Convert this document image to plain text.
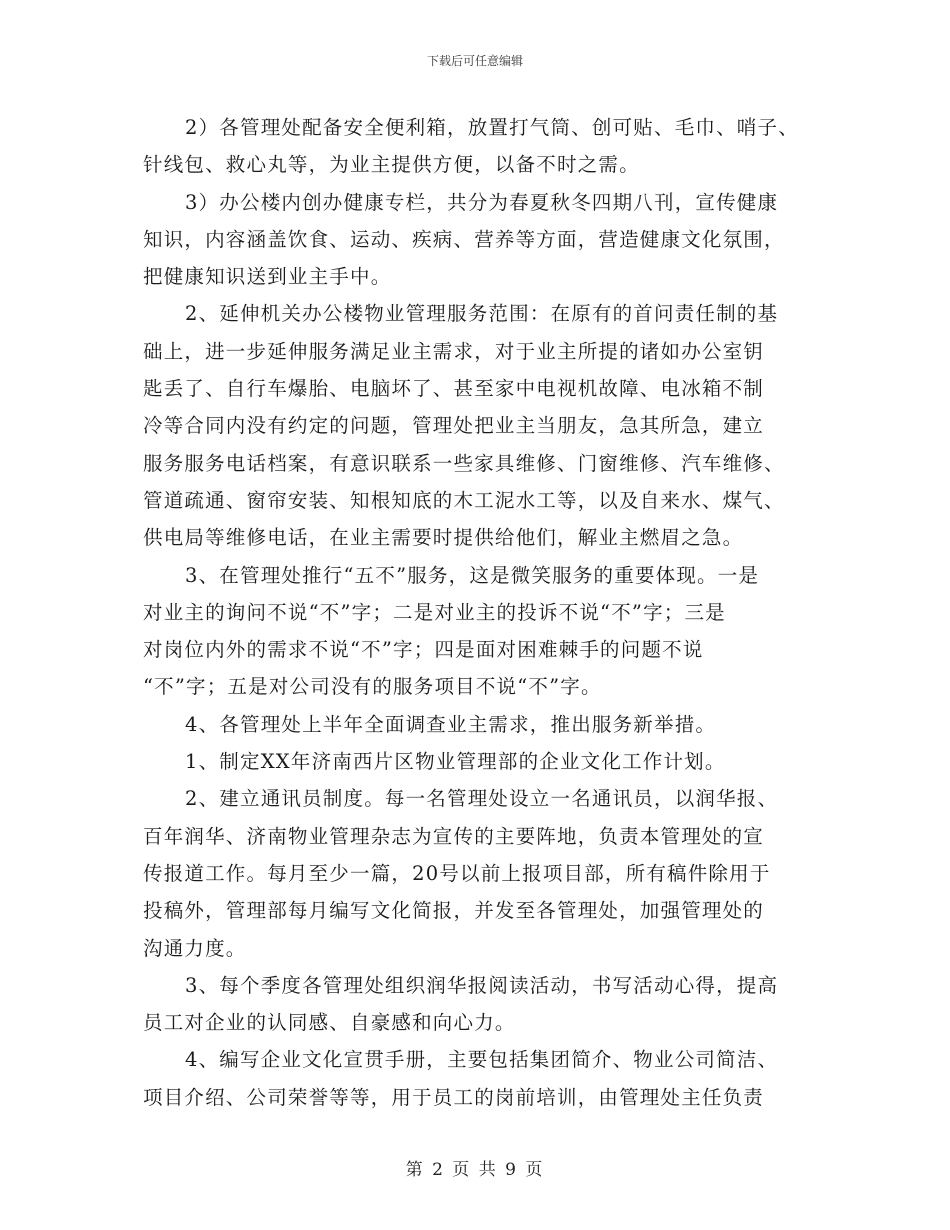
下载后可任意编辑

2）各管理处配备安全便利箱，放置打气筒、创可贴、毛巾、哨子、
针线包、救心丸等，为业主提供方便，以备不时之需。

3）办公楼内创办健康专栏，共分为春夏秋冬四期八刊，宣传健康
知识，内容涵盖饮食、运动、疾病、营养等方面，营造健康文化氛围，
把健康知识送到业主手中。

2、延伸机关办公楼物业管理服务范围：在原有的首问责任制的基
础上，进一步延伸服务满足业主需求，对于业主所提的诸如办公室钥
匙丢了、自行车爆胎、电脑坏了、甚至家中电视机故障、电冰箱不制
冷等合同内没有约定的问题，管理处把业主当朋友，急其所急，建立
服务服务电话档案，有意识联系一些家具维修、门窗维修、汽车维修、
管道疏通、窗帘安装、知根知底的木工泥水工等，以及自来水、煤气、
供电局等维修电话，在业主需要时提供给他们，解业主燃眉之急。

3、在管理处推行“五不”服务，这是微笑服务的重要体现。一是
对业主的询问不说“不”字；二是对业主的投诉不说“不”字；三是
对岗位内外的需求不说“不”字；四是面对困难棘手的问题不说
“不”字；五是对公司没有的服务项目不说“不”字。

4、各管理处上半年全面调查业主需求，推出服务新举措。

1、制定XX年济南西片区物业管理部的企业文化工作计划。

2、建立通讯员制度。每一名管理处设立一名通讯员，以润华报、
百年润华、济南物业管理杂志为宣传的主要阵地，负责本管理处的宣
传报道工作。每月至少一篇，20号以前上报项目部，所有稿件除用于
投稿外，管理部每月编写文化简报，并发至各管理处，加强管理处的
沟通力度。

3、每个季度各管理处组织润华报阅读活动，书写活动心得，提高
员工对企业的认同感、自豪感和向心力。

4、编写企业文化宣贯手册，主要包括集团简介、物业公司简洁、
项目介绍、公司荣誉等等，用于员工的岗前培训，由管理处主任负责

第 2 页 共 9 页
